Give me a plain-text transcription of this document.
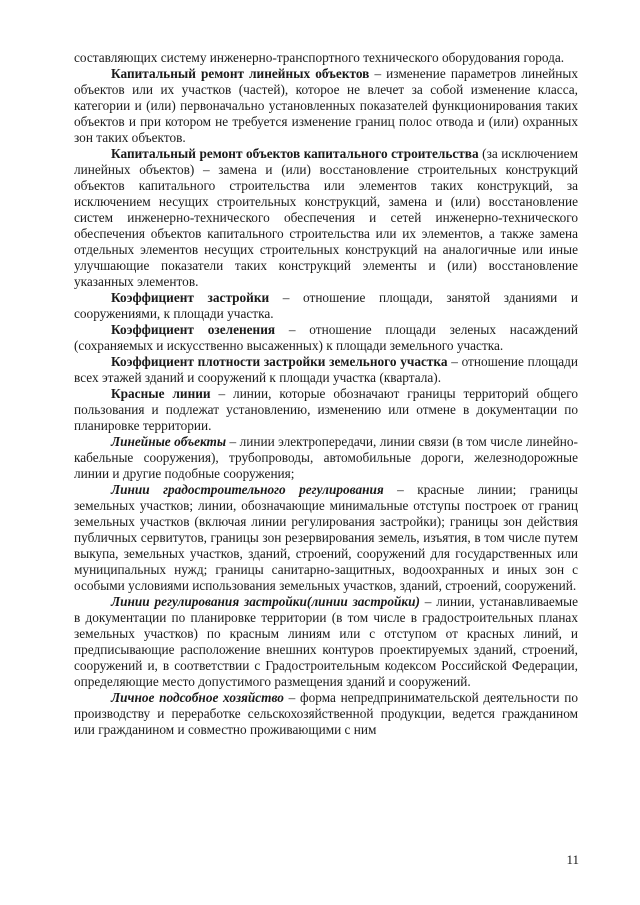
составляющих систему инженерно-транспортного технического оборудования города.

Капитальный ремонт линейных объектов – изменение параметров линейных объектов или их участков (частей), которое не влечет за собой изменение класса, категории и (или) первоначально установленных показателей функционирования таких объектов и при котором не требуется изменение границ полос отвода и (или) охранных зон таких объектов.

Капитальный ремонт объектов капитального строительства (за исключением линейных объектов) – замена и (или) восстановление строительных конструкций объектов капитального строительства или элементов таких конструкций, за исключением несущих строительных конструкций, замена и (или) восстановление систем инженерно-технического обеспечения и сетей инженерно-технического обеспечения объектов капитального строительства или их элементов, а также замена отдельных элементов несущих строительных конструкций на аналогичные или иные улучшающие показатели таких конструкций элементы и (или) восстановление указанных элементов.

Коэффициент застройки – отношение площади, занятой зданиями и сооружениями, к площади участка.

Коэффициент озеленения – отношение площади зеленых насаждений (сохраняемых и искусственно высаженных) к площади земельного участка.

Коэффициент плотности застройки земельного участка – отношение площади всех этажей зданий и сооружений к площади участка (квартала).

Красные линии – линии, которые обозначают границы территорий общего пользования и подлежат установлению, изменению или отмене в документации по планировке территории.

Линейные объекты – линии электропередачи, линии связи (в том числе линейно-кабельные сооружения), трубопроводы, автомобильные дороги, железнодорожные линии и другие подобные сооружения;

Линии градостроительного регулирования – красные линии; границы земельных участков; линии, обозначающие минимальные отступы построек от границ земельных участков (включая линии регулирования застройки); границы зон действия публичных сервитутов, границы зон резервирования земель, изъятия, в том числе путем выкупа, земельных участков, зданий, строений, сооружений для государственных или муниципальных нужд; границы санитарно-защитных, водоохранных и иных зон с особыми условиями использования земельных участков, зданий, строений, сооружений.

Линии регулирования застройки(линии застройки) – линии, устанавливаемые в документации по планировке территории (в том числе в градостроительных планах земельных участков) по красным линиям или с отступом от красных линий, и предписывающие расположение внешних контуров проектируемых зданий, строений, сооружений и, в соответствии с Градостроительным кодексом Российской Федерации, определяющие место допустимого размещения зданий и сооружений.

Личное подсобное хозяйство – форма непредпринимательской деятельности по производству и переработке сельскохозяйственной продукции, ведется гражданином или гражданином и совместно проживающими с ним

11
